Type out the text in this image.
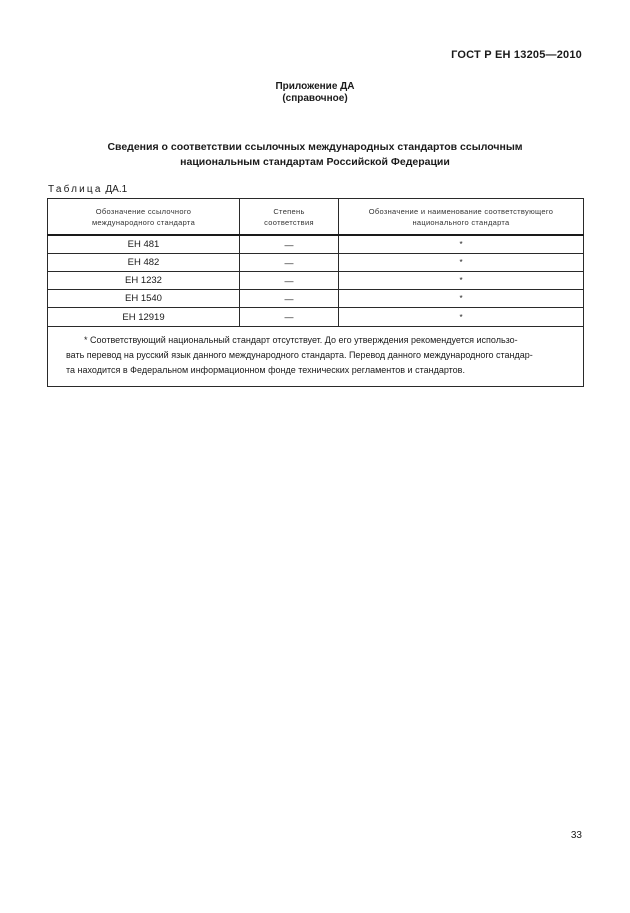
ГОСТ Р ЕН 13205—2010
Приложение ДА
(справочное)
Сведения о соответствии ссылочных международных стандартов ссылочным
национальным стандартам Российской Федерации
Таблица ДА.1
Обозначение ссылочного международного стандарта	Степень соответствия	Обозначение и наименование соответствующего национального стандарта

ЕН 481	—	*
ЕН 482	—	*
ЕН 1232	—	*
ЕН 1540	—	*
ЕН 12919	—	*

* Соответствующий национальный стандарт отсутствует. До его утверждения рекомендуется использо-
вать перевод на русский язык данного международного стандарта. Перевод данного международного стандар-
та находится в Федеральном информационном фонде технических регламентов и стандартов.		
33
